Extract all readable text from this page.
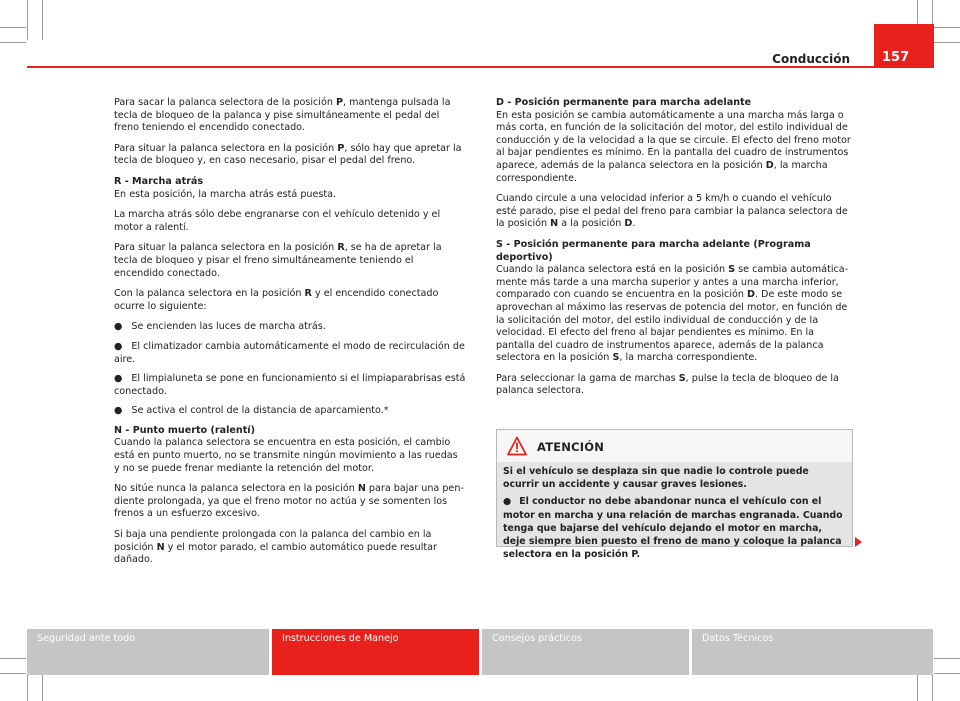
Conducción 157

Para sacar la palanca selectora de la posición P, mantenga pulsada la tecla de bloqueo de la palanca y pise simultáneamente el pedal del freno teniendo el encendido conectado.

Para situar la palanca selectora en la posición P, sólo hay que apretar la tecla de bloqueo y, en caso necesario, pisar el pedal del freno.

R - Marcha atrás

En esta posición, la marcha atrás está puesta.

La marcha atrás sólo debe engranarse con el vehículo detenido y el motor a ralentí.

Para situar la palanca selectora en la posición R, se ha de apretar la tecla de bloqueo y pisar el freno simultáneamente teniendo el encendido conectado.

Con la palanca selectora en la posición R y el encendido conectado ocurre lo siguiente:

● Se encienden las luces de marcha atrás.

● El climatizador cambia automáticamente el modo de recirculación de aire.

● El limpialuneta se pone en funcionamiento si el limpiaparabrisas está conectado.

● Se activa el control de la distancia de aparcamiento.*

N - Punto muerto (ralentí)

Cuando la palanca selectora se encuentra en esta posición, el cambio está en punto muerto, no se transmite ningún movimiento a las ruedas y no se puede frenar mediante la retención del motor.

No sitúe nunca la palanca selectora en la posición N para bajar una pendiente prolongada, ya que el freno motor no actúa y se somenten los frenos a un esfuerzo excesivo.

Si baja una pendiente prolongada con la palanca del cambio en la posición N y el motor parado, el cambio automático puede resultar dañado.

D - Posición permanente para marcha adelante

En esta posición se cambia automáticamente a una marcha más larga o más corta, en función de la solicitación del motor, del estilo individual de conducción y de la velocidad a la que se circule. El efecto del freno motor al bajar pendientes es mínimo. En la pantalla del cuadro de instrumentos aparece, además de la palanca selectora en la posición D, la marcha correspondiente.

Cuando circule a una velocidad inferior a 5 km/h o cuando el vehículo esté parado, pise el pedal del freno para cambiar la palanca selectora de la posición N a la posición D.

S - Posición permanente para marcha adelante (Programa deportivo)

Cuando la palanca selectora está en la posición S se cambia automáticamente más tarde a una marcha superior y antes a una marcha inferior, comparado con cuando se encuentra en la posición D. De este modo se aprovechan al máximo las reservas de potencia del motor, en función de la solicitación del motor, del estilo individual de conducción y de la velocidad. El efecto del freno al bajar pendientes es mínimo. En la pantalla del cuadro de instrumentos aparece, además de la palanca selectora en la posición S, la marcha correspondiente.

Para seleccionar la gama de marchas S, pulse la tecla de bloqueo de la palanca selectora.

ATENCIÓN

Si el vehículo se desplaza sin que nadie lo controle puede ocurrir un accidente y causar graves lesiones.

● El conductor no debe abandonar nunca el vehículo con el motor en marcha y una relación de marchas engranada. Cuando tenga que bajarse del vehículo dejando el motor en marcha, deje siempre bien puesto el freno de mano y coloque la palanca selectora en la posición P.

Seguridad ante todo	Instrucciones de Manejo	Consejos prácticos	Datos Técnicos
